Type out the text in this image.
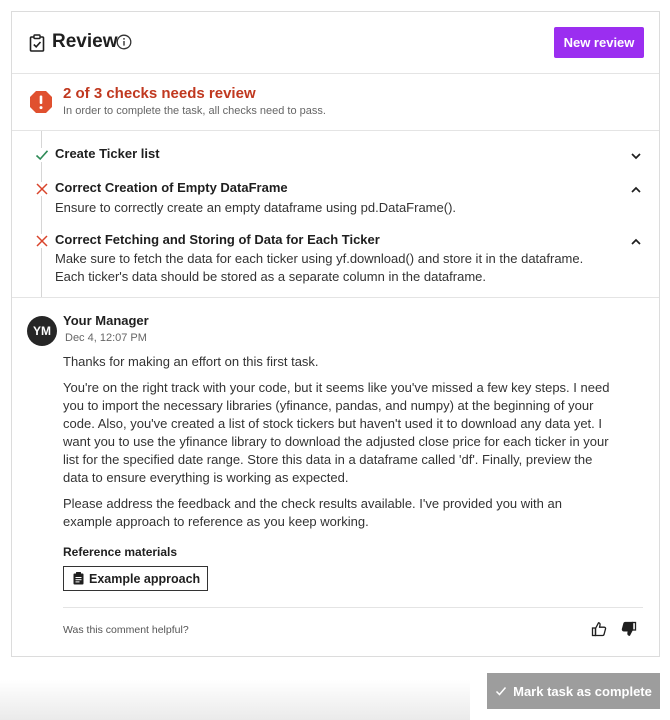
Review	New review
2 of 3 checks needs review
In order to complete the task, all checks need to pass.
Create Ticker list
Correct Creation of Empty DataFrame
Ensure to correctly create an empty dataframe using pd.DataFrame().
Correct Fetching and Storing of Data for Each Ticker
Make sure to fetch the data for each ticker using yf.download() and store it in the dataframe. Each ticker's data should be stored as a separate column in the dataframe.
YM
Your Manager
Dec 4, 12:07 PM

Thanks for making an effort on this first task.

You're on the right track with your code, but it seems like you've missed a few key steps. I need you to import the necessary libraries (yfinance, pandas, and numpy) at the beginning of your code. Also, you've created a list of stock tickers but haven't used it to download any data yet. I want you to use the yfinance library to download the adjusted close price for each ticker in your list for the specified date range. Store this data in a dataframe called 'df'. Finally, preview the data to ensure everything is working as expected.

Please address the feedback and the check results available. I've provided you with an example approach to reference as you keep working.

Reference materials
Example approach
Was this comment helpful?
Mark task as complete
